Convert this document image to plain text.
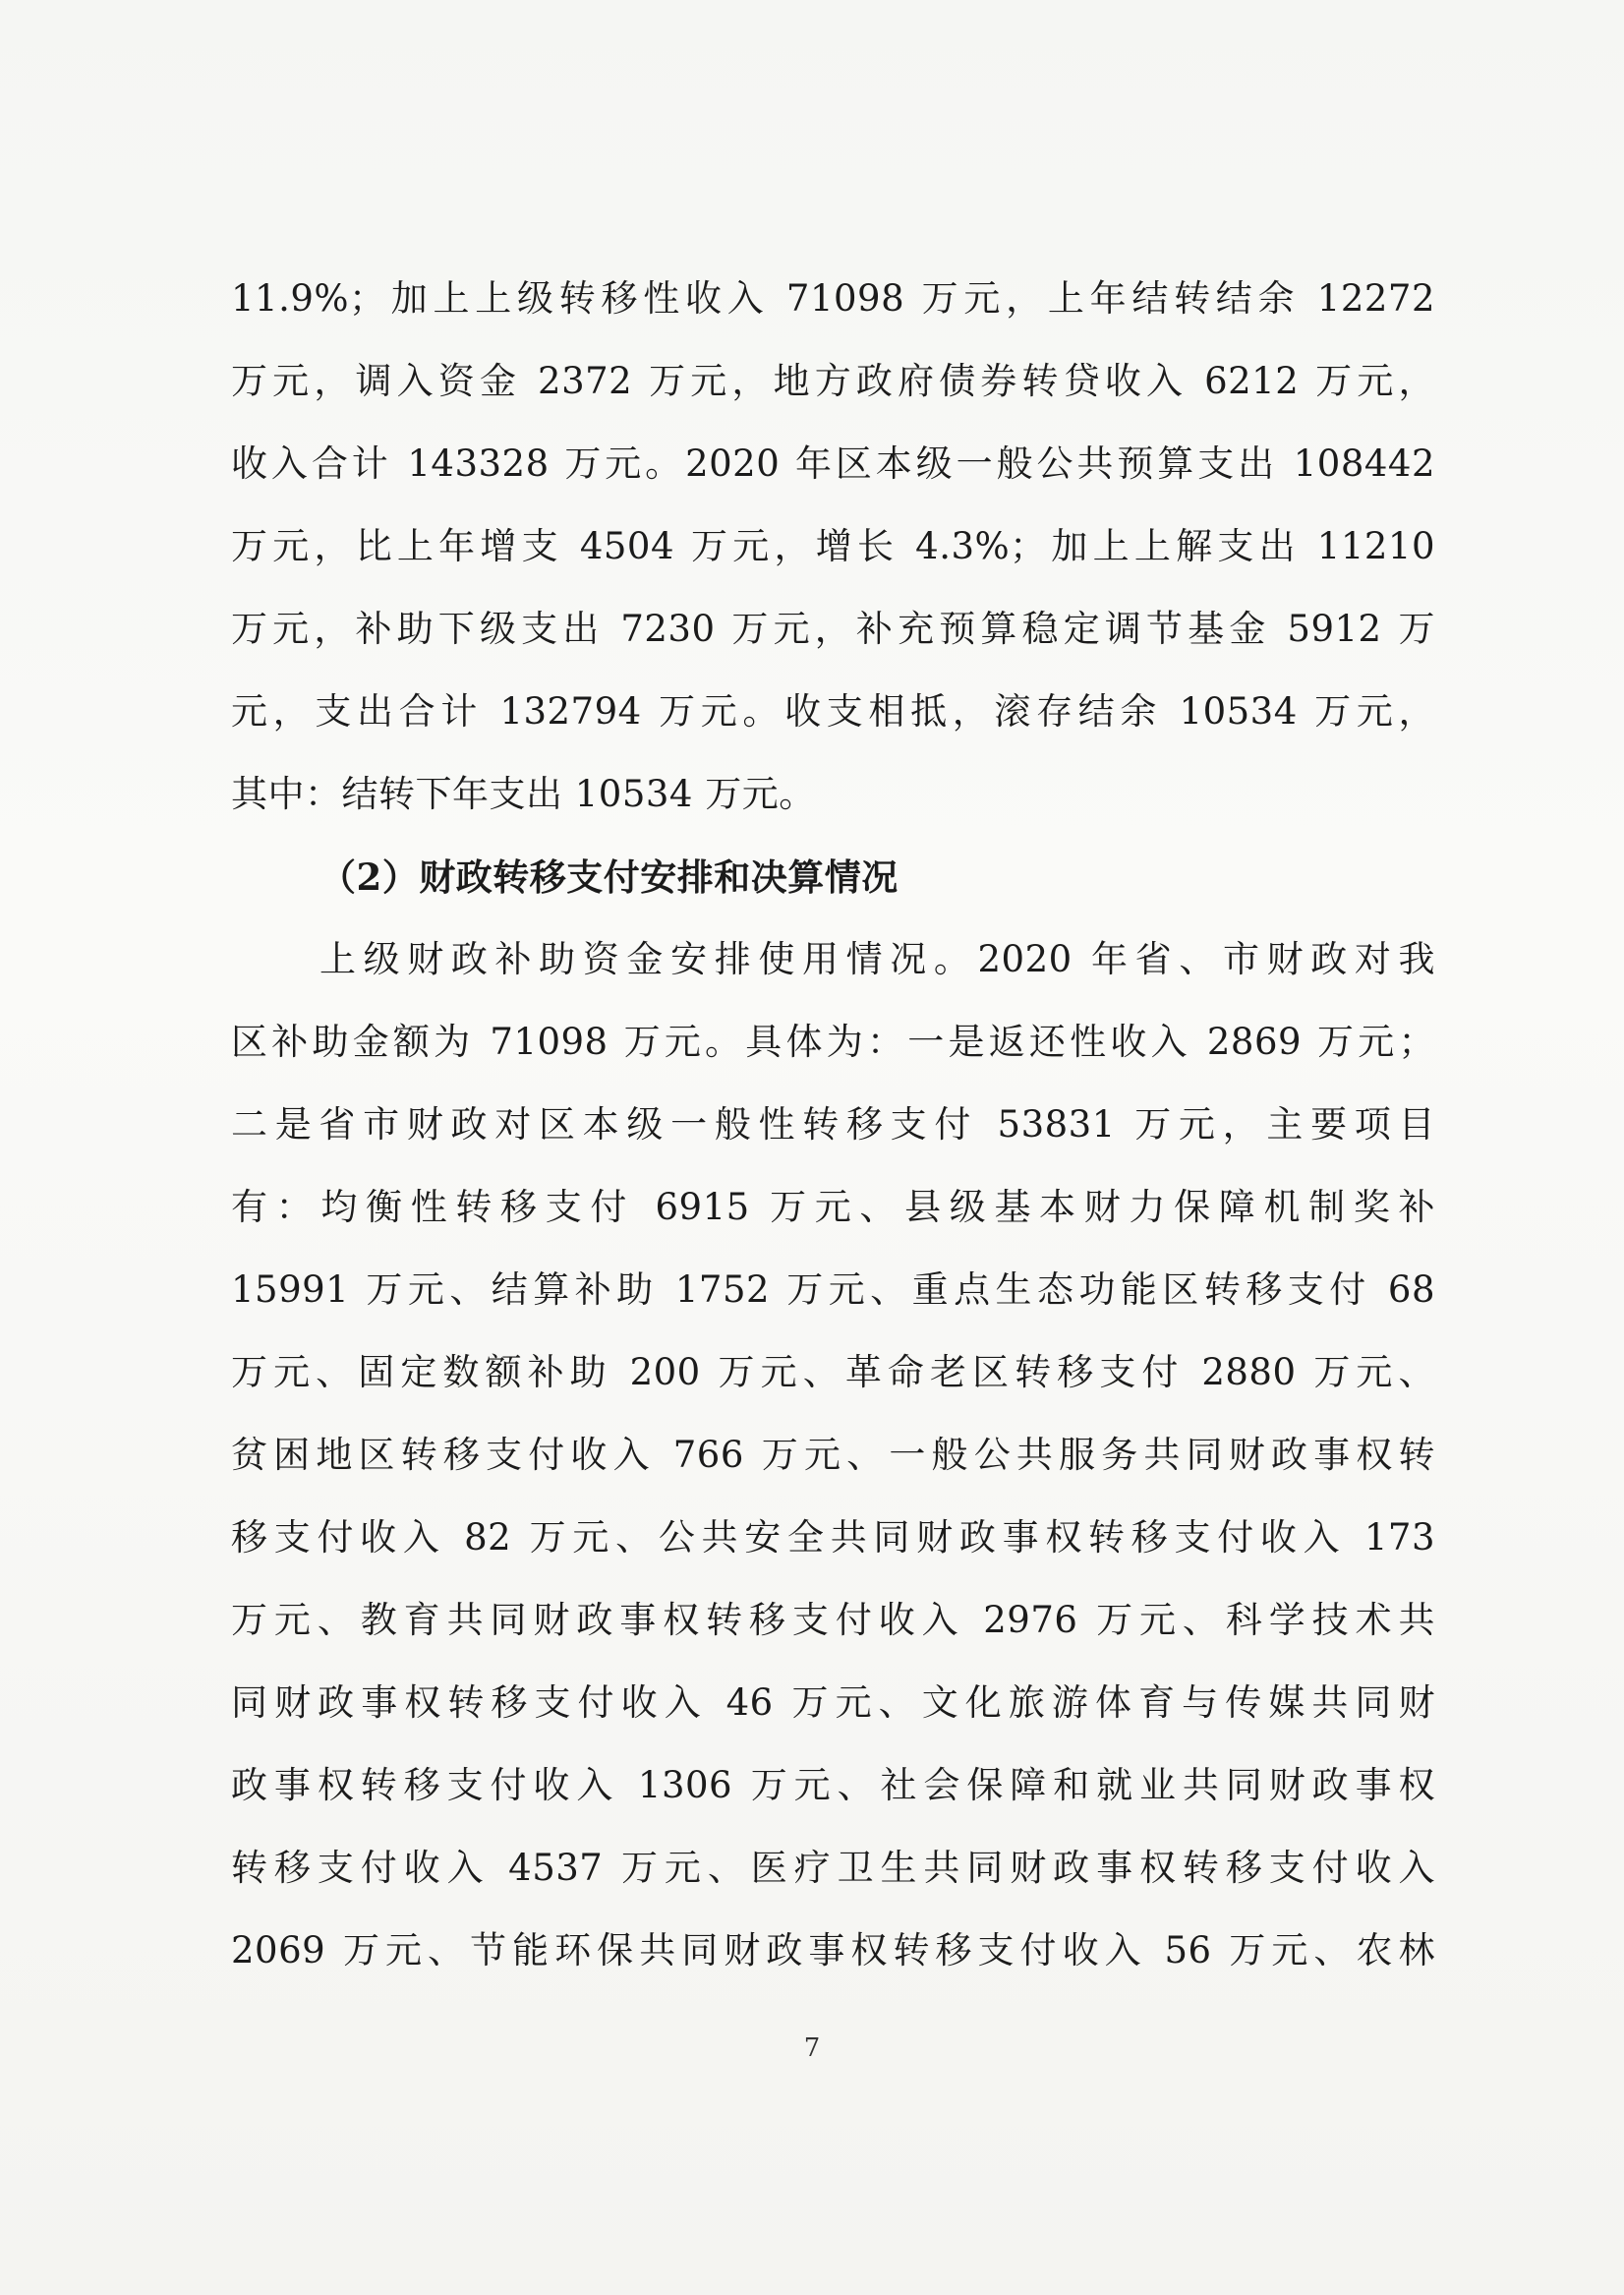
11.9%；加上上级转移性收入 71098 万元，上年结转结余 12272
万元，调入资金 2372 万元，地方政府债券转贷收入 6212 万元，
收入合计 143328 万元。2020 年区本级一般公共预算支出 108442
万元，比上年增支 4504 万元，增长 4.3%；加上上解支出 11210
万元，补助下级支出 7230 万元，补充预算稳定调节基金 5912 万
元，支出合计 132794 万元。收支相抵，滚存结余 10534 万元，
其中：结转下年支出 10534 万元。
（2）财政转移支付安排和决算情况
上级财政补助资金安排使用情况。2020 年省、市财政对我
区补助金额为 71098 万元。具体为：一是返还性收入 2869 万元；
二是省市财政对区本级一般性转移支付 53831 万元，主要项目
有：均衡性转移支付 6915 万元、县级基本财力保障机制奖补
15991 万元、结算补助 1752 万元、重点生态功能区转移支付 68
万元、固定数额补助 200 万元、革命老区转移支付 2880 万元、
贫困地区转移支付收入 766 万元、一般公共服务共同财政事权转
移支付收入 82 万元、公共安全共同财政事权转移支付收入 173
万元、教育共同财政事权转移支付收入 2976 万元、科学技术共
同财政事权转移支付收入 46 万元、文化旅游体育与传媒共同财
政事权转移支付收入 1306 万元、社会保障和就业共同财政事权
转移支付收入 4537 万元、医疗卫生共同财政事权转移支付收入
2069 万元、节能环保共同财政事权转移支付收入 56 万元、农林
7
